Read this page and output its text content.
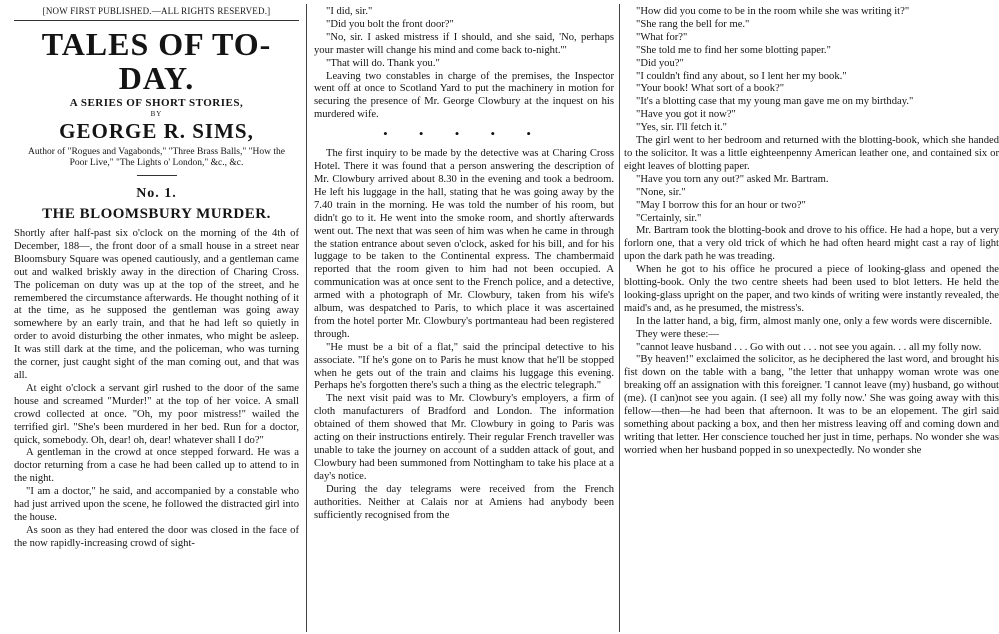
[NOW FIRST PUBLISHED.—ALL RIGHTS RESERVED.]
TALES OF TO-DAY.
A SERIES OF SHORT STORIES,
BY
GEORGE R. SIMS,
Author of "Rogues and Vagabonds," "Three Brass Balls," "How the Poor Live," "The Lights o' London," &c., &c.
No. 1.
THE BLOOMSBURY MURDER.

Shortly after half-past six o'clock on the morning of the 4th of December, 188—, the front door of a small house in a street near Bloomsbury Square was opened cautiously, and a gentleman came out and walked briskly away in the direction of Charing Cross. The policeman on duty was up at the top of the street, and he remembered the circumstance afterwards. He thought nothing of it at the time, as he supposed the gentleman was going away somewhere by an early train, and that he had left so quietly in order to avoid disturbing the other inmates, who might be asleep. It was still dark at the time, and the policeman, who was turning the corner, just caught sight of the man coming out, and that was all.

At eight o'clock a servant girl rushed to the door of the same house and screamed "Murder!" at the top of her voice. A small crowd collected at once. "Oh, my poor mistress!" wailed the terrified girl. "She's been murdered in her bed. Run for a doctor, quick, somebody. Oh, dear! oh, dear! whatever shall I do?"

A gentleman in the crowd at once stepped forward. He was a doctor returning from a case he had been called up to attend to in the night.

"I am a doctor," he said, and accompanied by a constable who had just arrived upon the scene, he followed the distracted girl into the house.

As soon as they had entered the door was closed in the face of the now rapidly-increasing crowd of sight-

"I did, sir."

"Did you bolt the front door?"

"No, sir. I asked mistress if I should, and she said, 'No, perhaps your master will change his mind and come back to-night.'"

"That will do. Thank you."

Leaving two constables in charge of the premises, the Inspector went off at once to Scotland Yard to put the machinery in motion for securing the presence of Mr. George Clowbury at the inquest on his murdered wife.

• • • • •

The first inquiry to be made by the detective was at Charing Cross Hotel. There it was found that a person answering the description of Mr. Clowbury arrived about 8.30 in the evening and took a bedroom. He left his luggage in the hall, stating that he was going away by the 7.40 train in the morning. He was told the number of his room, but didn't go to it. He went into the smoke room, and shortly afterwards went out. The next that was seen of him was when he came in through the station entrance about seven o'clock, asked for his bill, and for his luggage to be taken to the Continental express. The chambermaid reported that the room given to him had not been occupied. A communication was at once sent to the French police, and a detective, armed with a photograph of Mr. Clowbury, taken from his wife's album, was despatched to Paris, to which place it was ascertained from the hotel porter Mr. Clowbury's portmanteau had been registered through.

"He must be a bit of a flat," said the principal detective to his associate. "If he's gone on to Paris he must know that he'll be stopped when he gets out of the train and claims his luggage this evening. Perhaps he's forgotten there's such a thing as the electric telegraph."

The next visit paid was to Mr. Clowbury's employers, a firm of cloth manufacturers of Bradford and London. The information obtained of them showed that Mr. Clowbury in going to Paris was acting on their instructions entirely. Their regular French traveller was unable to take the journey on account of a sudden attack of gout, and Clowbury had been summoned from Nottingham to take his place at a day's notice.

During the day telegrams were received from the French authorities. Neither at Calais nor at Amiens had anybody been sufficiently recognised from the

"How did you come to be in the room while she was writing it?"

"She rang the bell for me."

"What for?"

"She told me to find her some blotting paper."

"Did you?"

"I couldn't find any about, so I lent her my book."

"Your book! What sort of a book?"

"It's a blotting case that my young man gave me on my birthday."

"Have you got it now?"

"Yes, sir. I'll fetch it."

The girl went to her bedroom and returned with the blotting-book, which she handed to the solicitor. It was a little eighteenpenny American leather one, and contained six or eight leaves of blotting paper.

"Have you torn any out?" asked Mr. Bartram.

"None, sir."

"May I borrow this for an hour or two?"

"Certainly, sir."

Mr. Bartram took the blotting-book and drove to his office. He had a hope, but a very forlorn one, that a very old trick of which he had often heard might cast a ray of light upon the dark path he was treading.

When he got to his office he procured a piece of looking-glass and opened the blotting-book. Only the two centre sheets had been used to blot letters. He held the looking-glass upright on the paper, and two kinds of writing were instantly revealed, the maid's and, as he presumed, the mistress's.

In the latter hand, a big, firm, almost manly one, only a few words were discernible.

They were these:—

"cannot leave husband . . . Go with out . . . not see you again. . . all my folly now.

"By heaven!" exclaimed the solicitor, as he deciphered the last word, and brought his fist down on the table with a bang, "the letter that unhappy woman wrote was one breaking off an assignation with this foreigner. 'I cannot leave (my) husband, go without (me). (I can)not see you again. (I see) all my folly now.' She was going away with this fellow—then—he had been that afternoon. It was to be an elopement. The girl said something about packing a box, and then her mistress leaving off and coming down and writing that letter. Her conscience touched her just in time, perhaps. No wonder she was worried when her husband popped in so unexpectedly. No wonder she
